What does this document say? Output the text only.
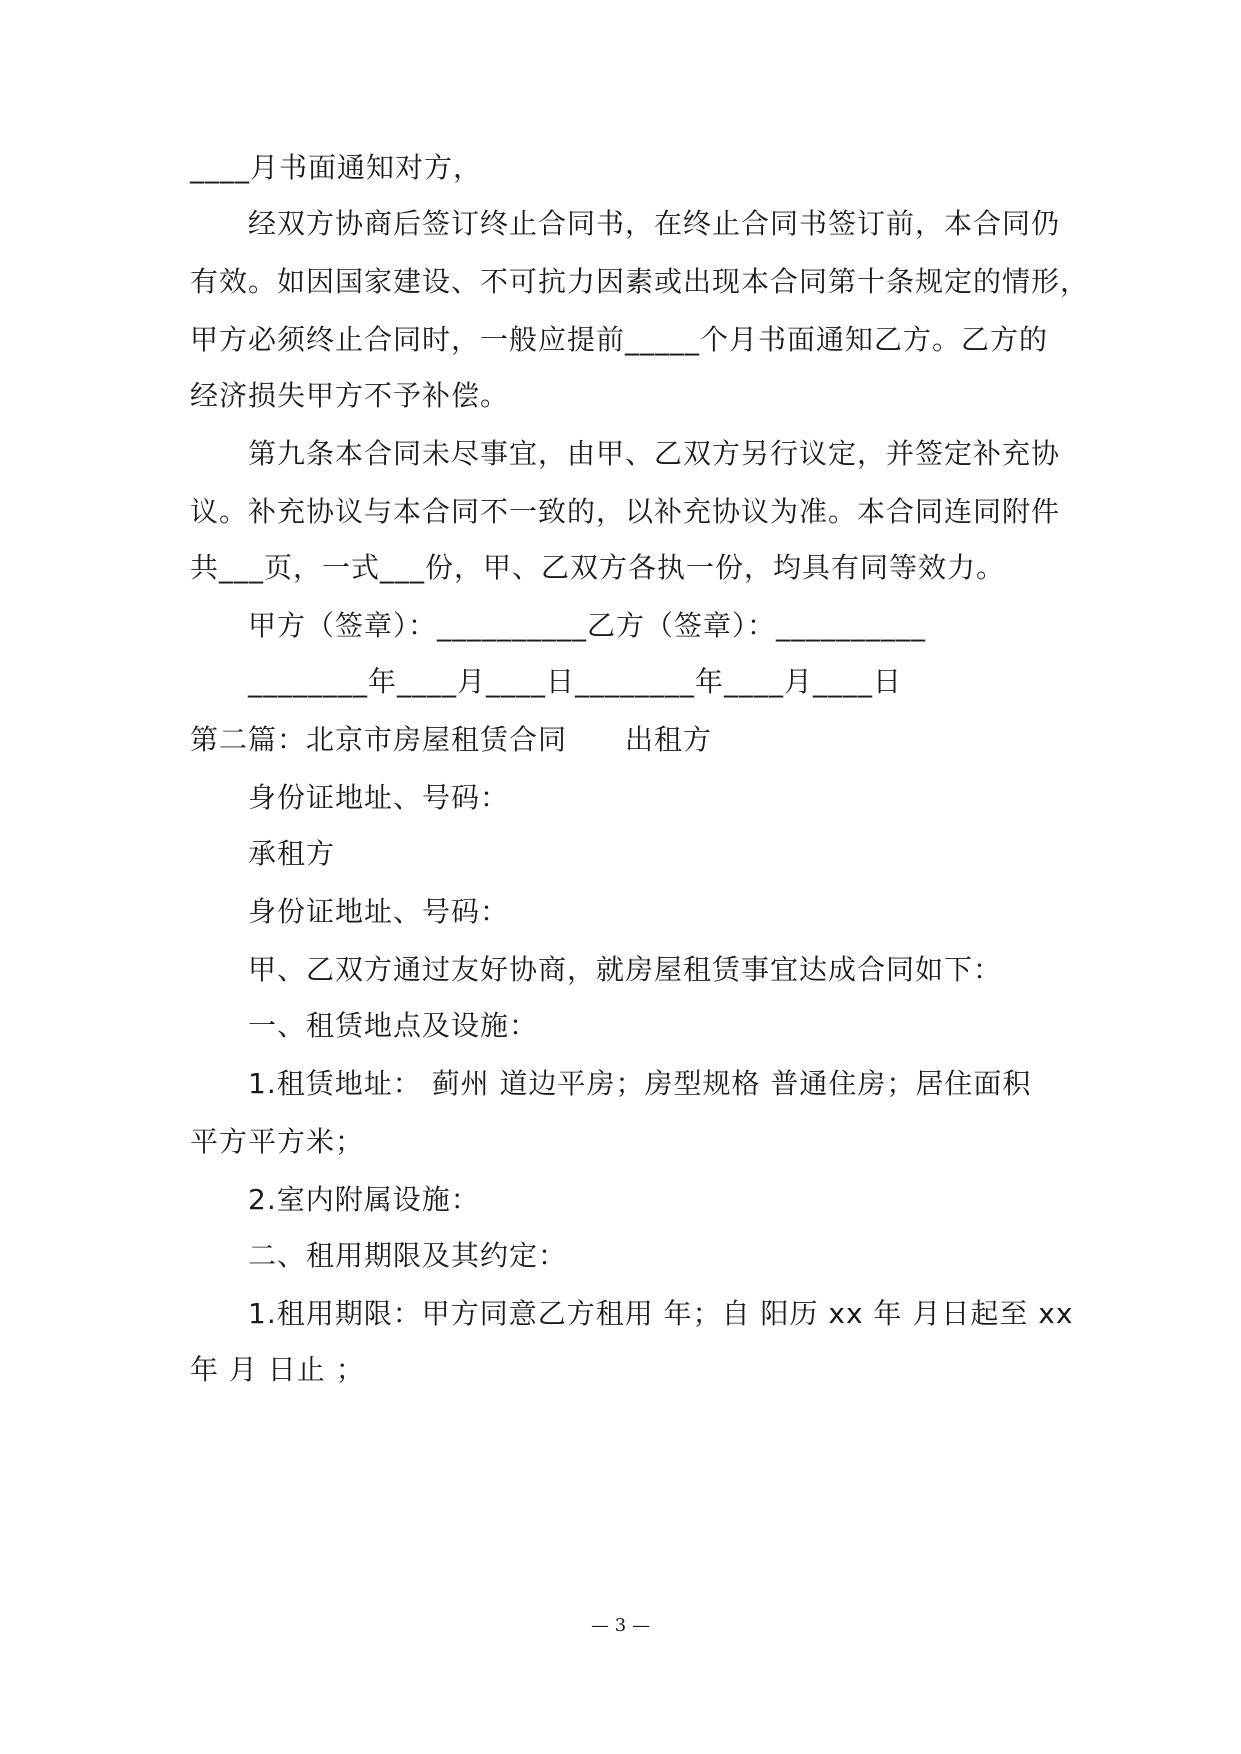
____月书面通知对方，
经双方协商后签订终止合同书，在终止合同书签订前，本合同仍
有效。如因国家建设、不可抗力因素或出现本合同第十条规定的情形，
甲方必须终止合同时，一般应提前_____个月书面通知乙方。乙方的
经济损失甲方不予补偿。
第九条本合同未尽事宜，由甲、乙双方另行议定，并签定补充协
议。补充协议与本合同不一致的，以补充协议为准。本合同连同附件
共___页，一式___份，甲、乙双方各执一份，均具有同等效力。
甲方（签章）：__________乙方（签章）：__________
________年____月____日________年____月____日
第二篇：北京市房屋租赁合同　　出租方
身份证地址、号码：
承租方
身份证地址、号码：
甲、乙双方通过友好协商，就房屋租赁事宜达成合同如下：
一、租赁地点及设施：
1.租赁地址： 蓟州 道边平房；房型规格 普通住房；居住面积
平方平方米；
2.室内附属设施：
二、租用期限及其约定：
1.租用期限：甲方同意乙方租用 年；自 阳历 xx 年 月日起至 xx
年 月 日止 ；
— 3 —
